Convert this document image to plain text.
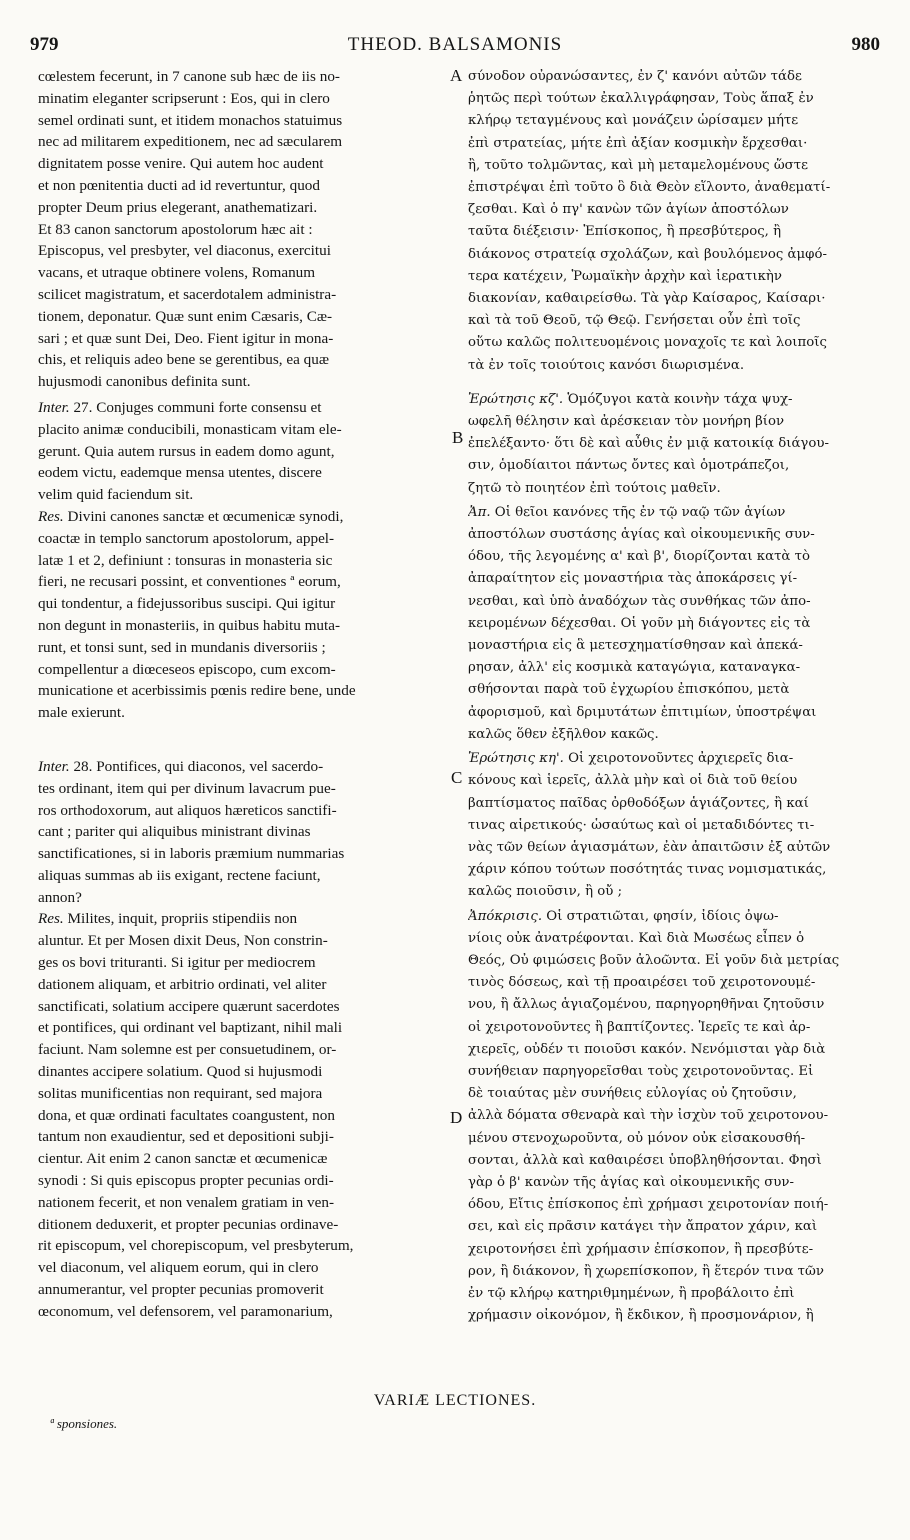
979	THEOD. BALSAMONIS	980

cœlestem fecerunt, in 7 canone sub hæc de iis no-
minatim eleganter scripserunt : Eos, qui in clero
semel ordinati sunt, et itidem monachos statuimus
nec ad militarem expeditionem, nec ad sæcularem
dignitatem posse venire. Qui autem hoc audent
et non pœnitentia ducti ad id revertuntur, quod
propter Deum prius elegerant, anathematizari.
Et 83 canon sanctorum apostolorum hæc ait :
Episcopus, vel presbyter, vel diaconus, exercitui
vacans, et utraque obtinere volens, Romanum
scilicet magistratum, et sacerdotalem administra-
tionem, deponatur. Quæ sunt enim Cæsaris, Cæ-
sari ; et quæ sunt Dei, Deo. Fient igitur in mona-
chis, et reliquis adeo bene se gerentibus, ea quæ
hujusmodi canonibus definita sunt.

Inter. 27. Conjuges communi forte consensu et
placito animæ conducibili, monasticam vitam ele-
gerunt. Quia autem rursus in eadem domo agunt,
eodem victu, eademque mensa utentes, discere
velim quid faciendum sit.

Res. Divini canones sanctæ et œcumenicæ synodi,
coactæ in templo sanctorum apostolorum, appel-
latæ 1 et 2, definiunt : tonsuras in monasteria sic
fieri, ne recusari possint, et conventiones ª eorum,
qui tondentur, a fidejussoribus suscipi. Qui igitur
non degunt in monasteriis, in quibus habitu muta-
runt, et tonsi sunt, sed in mundanis diversoriis ;
compellentur a diœceseos episcopo, cum excom-
municatione et acerbissimis pœnis redire bene, unde
male exierunt.

Inter. 28. Pontifices, qui diaconos, vel sacerdo-
tes ordinant, item qui per divinum lavacrum pue-
ros orthodoxorum, aut aliquos hæreticos sanctifi-
cant ; pariter qui aliquibus ministrant divinas
sanctificationes, si in laboris præmium nummarias
aliquas summas ab iis exigant, rectene faciunt,
annon?

Res. Milites, inquit, propriis stipendiis non
aluntur. Et per Mosen dixit Deus, Non constrin-
ges os bovi trituranti. Si igitur per mediocrem
dationem aliquam, et arbitrio ordinati, vel aliter
sanctificati, solatium accipere quærunt sacerdotes
et pontifices, qui ordinant vel baptizant, nihil mali
faciunt. Nam solemne est per consuetudinem, or-
dinantes accipere solatium. Quod si hujusmodi
solitas munificentias non requirant, sed majora
dona, et quæ ordinati facultates coangustent, non
tantum non exaudientur, sed et depositioni subji-
cientur. Ait enim 2 canon sanctæ et œcumenicæ
synodi : Si quis episcopus propter pecunias ordi-
nationem fecerit, et non venalem gratiam in ven-
ditionem deduxerit, et propter pecunias ordinave-
rit episcopum, vel chorepiscopum, vel presbyterum,
vel diaconum, vel aliquem eorum, qui in clero
annumerantur, vel propter pecunias promoverit
œconomum, vel defensorem, vel paramonarium,

σύνοδον οὐρανώσαντες, ἐν ζ' κανόνι αὐτῶν τάδε
ῥητῶς περὶ τούτων ἐκαλλιγράφησαν, Τοὺς ἅπαξ ἐν
κλήρῳ τεταγμένους καὶ μονάζειν ὡρίσαμεν μήτε
ἐπὶ στρατείας, μήτε ἐπὶ ἀξίαν κοσμικὴν ἔρχεσθαι·
ἢ, τοῦτο τολμῶντας, καὶ μὴ μεταμελομένους ὥστε
ἐπιστρέψαι ἐπὶ τοῦτο ὃ διὰ Θεὸν εἵλοντο, ἀναθεματί-
ζεσθαι. Καὶ ὁ πγ' κανὼν τῶν ἁγίων ἀποστόλων
ταῦτα διέξεισιν· Ἐπίσκοπος, ἢ πρεσβύτερος, ἢ
διάκονος στρατείᾳ σχολάζων, καὶ βουλόμενος ἀμφό-
τερα κατέχειν, Ῥωμαϊκὴν ἀρχὴν καὶ ἱερατικὴν
διακονίαν, καθαιρείσθω. Τὰ γὰρ Καίσαρος, Καίσαρι·
καὶ τὰ τοῦ Θεοῦ, τῷ Θεῷ. Γενήσεται οὖν ἐπὶ τοῖς
οὕτω καλῶς πολιτευομένοις μοναχοῖς τε καὶ λοιποῖς
τὰ ἐν τοῖς τοιούτοις κανόσι διωρισμένα.

Ἐρώτησις κζ'. Ὁμόζυγοι κατὰ κοινὴν τάχα ψυχ-
ωφελῆ θέλησιν καὶ ἀρέσκειαν τὸν μονήρη βίον
ἐπελέξαντο· ὅτι δὲ καὶ αὖθις ἐν μιᾷ κατοικίᾳ διάγου-
σιν, ὁμοδίαιτοι πάντως ὄντες καὶ ὁμοτράπεζοι,
ζητῶ τὸ ποιητέον ἐπὶ τούτοις μαθεῖν.

Ἀπ. Οἱ θεῖοι κανόνες τῆς ἐν τῷ ναῷ τῶν ἁγίων
ἀποστόλων συστάσης ἁγίας καὶ οἰκουμενικῆς συν-
όδου, τῆς λεγομένης α' καὶ β', διορίζονται κατὰ τὸ
ἀπαραίτητον εἰς μοναστήρια τὰς ἀποκάρσεις γί-
νεσθαι, καὶ ὑπὸ ἀναδόχων τὰς συνθήκας τῶν ἀπο-
κειρομένων δέχεσθαι. Οἱ γοῦν μὴ διάγοντες εἰς τὰ
μοναστήρια εἰς ἃ μετεσχηματίσθησαν καὶ ἀπεκά-
ρησαν, ἀλλ' εἰς κοσμικὰ καταγώγια, καταναγκα-
σθήσονται παρὰ τοῦ ἐγχωρίου ἐπισκόπου, μετὰ
ἀφορισμοῦ, καὶ δριμυτάτων ἐπιτιμίων, ὑποστρέψαι
καλῶς ὅθεν ἐξῆλθον κακῶς.

Ἐρώτησις κη'. Οἱ χειροτονοῦντες ἀρχιερεῖς δια-
κόνους καὶ ἱερεῖς, ἀλλὰ μὴν καὶ οἱ διὰ τοῦ θείου
βαπτίσματος παῖδας ὀρθοδόξων ἁγιάζοντες, ἢ καί
τινας αἱρετικούς· ὡσαύτως καὶ οἱ μεταδιδόντες τι-
νὰς τῶν θείων ἁγιασμάτων, ἐὰν ἀπαιτῶσιν ἐξ αὐτῶν
χάριν κόπου τούτων ποσότητάς τινας νομισματικάς,
καλῶς ποιοῦσιν, ἢ οὔ ;

Ἀπόκρισις. Οἱ στρατιῶται, φησίν, ἰδίοις ὀψω-
νίοις οὐκ ἀνατρέφονται. Καὶ διὰ Μωσέως εἶπεν ὁ
Θεός, Οὐ φιμώσεις βοῦν ἀλοῶντα. Εἰ γοῦν διὰ μετρίας
τινὸς δόσεως, καὶ τῇ προαιρέσει τοῦ χειροτονουμέ-
νου, ἢ ἄλλως ἁγιαζομένου, παρηγορηθῆναι ζητοῦσιν
οἱ χειροτονοῦντες ἢ βαπτίζοντες. Ἱερεῖς τε καὶ ἀρ-
χιερεῖς, οὐδέν τι ποιοῦσι κακόν. Νενόμισται γὰρ διὰ
συνήθειαν παρηγορεῖσθαι τοὺς χειροτονοῦντας. Εἰ
δὲ τοιαύτας μὲν συνήθεις εὐλογίας οὐ ζητοῦσιν,
ἀλλὰ δόματα σθεναρὰ καὶ τὴν ἰσχὺν τοῦ χειροτονου-
μένου στενοχωροῦντα, οὐ μόνον οὐκ εἰσακουσθή-
σονται, ἀλλὰ καὶ καθαιρέσει ὑποβληθήσονται. Φησὶ
γὰρ ὁ β' κανὼν τῆς ἁγίας καὶ οἰκουμενικῆς συν-
όδου, Εἴτις ἐπίσκοπος ἐπὶ χρήμασι χειροτονίαν ποιή-
σει, καὶ εἰς πρᾶσιν κατάγει τὴν ἄπρατον χάριν, καὶ
χειροτονήσει ἐπὶ χρήμασιν ἐπίσκοπον, ἢ πρεσβύτε-
ρον, ἢ διάκονον, ἢ χωρεπίσκοπον, ἢ ἕτερόν τινα τῶν
ἐν τῷ κλήρῳ κατηριθμημένων, ἢ προβάλοιτο ἐπὶ
χρήμασιν οἰκονόμον, ἢ ἔκδικον, ἢ προσμονάριον, ἢ

A
B
C
D
VARIÆ LECTIONES.
ª sponsiones.
